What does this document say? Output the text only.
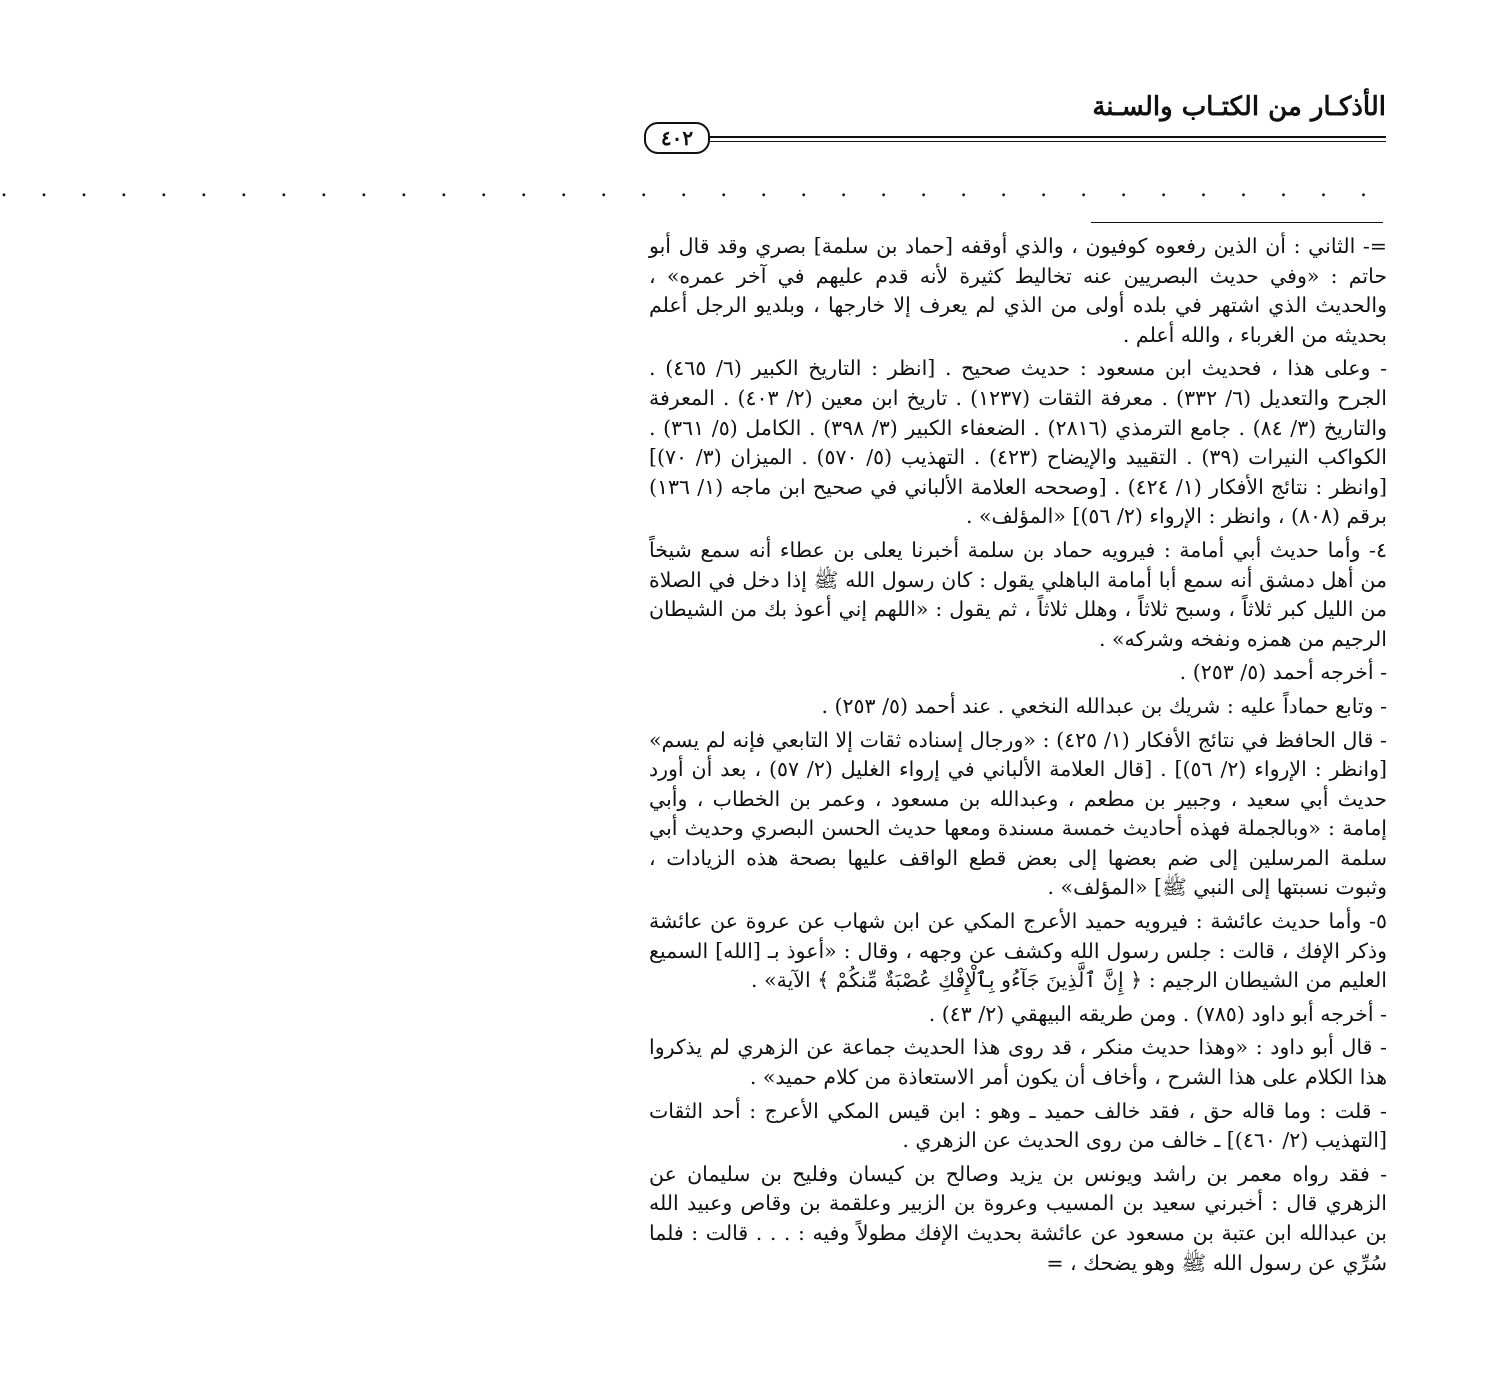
الأذكـار من الكتـاب والسـنة
٤٠٢
. . . . . . . . . . . . . . . . . . . . . . . . . . . . . . . . . . .

=- الثاني : أن الذين رفعوه كوفيون ، والذي أوقفه [حماد بن سلمة] بصري وقد قال أبو حاتم : «وفي حديث البصريين عنه تخاليط كثيرة لأنه قدم عليهم في آخر عمره» ، والحديث الذي اشتهر في بلده أولى من الذي لم يعرف إلا خارجها ، وبلديو الرجل أعلم بحديثه من الغرباء ، والله أعلم .

- وعلى هذا ، فحديث ابن مسعود : حديث صحيح . [انظر : التاريخ الكبير (٦/ ٤٦٥) . الجرح والتعديل (٦/ ٣٣٢) . معرفة الثقات (١٢٣٧) . تاريخ ابن معين (٢/ ٤٠٣) . المعرفة والتاريخ (٣/ ٨٤) . جامع الترمذي (٢٨١٦) . الضعفاء الكبير (٣/ ٣٩٨) . الكامل (٥/ ٣٦١) . الكواكب النيرات (٣٩) . التقييد والإيضاح (٤٢٣) . التهذيب (٥/ ٥٧٠) . الميزان (٣/ ٧٠)] [وانظر : نتائج الأفكار (١/ ٤٢٤) . [وصححه العلامة الألباني في صحيح ابن ماجه (١/ ١٣٦) برقم (٨٠٨) ، وانظر : الإرواء (٢/ ٥٦)] «المؤلف» .

٤- وأما حديث أبي أمامة : فيرويه حماد بن سلمة أخبرنا يعلى بن عطاء أنه سمع شيخاً من أهل دمشق أنه سمع أبا أمامة الباهلي يقول : كان رسول الله ﷺ إذا دخل في الصلاة من الليل كبر ثلاثاً ، وسبح ثلاثاً ، وهلل ثلاثاً ، ثم يقول : «اللهم إني أعوذ بك من الشيطان الرجيم من همزه ونفخه وشركه» .

- أخرجه أحمد (٥/ ٢٥٣) .

- وتابع حماداً عليه : شريك بن عبدالله النخعي . عند أحمد (٥/ ٢٥٣) .

- قال الحافظ في نتائج الأفكار (١/ ٤٢٥) : «ورجال إسناده ثقات إلا التابعي فإنه لم يسم» [وانظر : الإرواء (٢/ ٥٦)] . [قال العلامة الألباني في إرواء الغليل (٢/ ٥٧) ، بعد أن أورد حديث أبي سعيد ، وجبير بن مطعم ، وعبدالله بن مسعود ، وعمر بن الخطاب ، وأبي إمامة : «وبالجملة فهذه أحاديث خمسة مسندة ومعها حديث الحسن البصري وحديث أبي سلمة المرسلين إلى ضم بعضها إلى بعض قطع الواقف عليها بصحة هذه الزيادات ، وثبوت نسبتها إلى النبي ﷺ] «المؤلف» .

٥- وأما حديث عائشة : فيرويه حميد الأعرج المكي عن ابن شهاب عن عروة عن عائشة وذكر الإفك ، قالت : جلس رسول الله وكشف عن وجهه ، وقال : «أعوذ بـ [الله] السميع العليم من الشيطان الرجيم : ﴿ إِنَّ ٱلَّذِينَ جَآءُو بِٱلْإِفْكِ عُصْبَةٌ مِّنكُمْ ﴾ الآية» .

- أخرجه أبو داود (٧٨٥) . ومن طريقه البيهقي (٢/ ٤٣) .

- قال أبو داود : «وهذا حديث منكر ، قد روى هذا الحديث جماعة عن الزهري لم يذكروا هذا الكلام على هذا الشرح ، وأخاف أن يكون أمر الاستعاذة من كلام حميد» .

- قلت : وما قاله حق ، فقد خالف حميد ـ وهو : ابن قيس المكي الأعرج : أحد الثقات [التهذيب (٢/ ٤٦٠)] ـ خالف من روى الحديث عن الزهري .

- فقد رواه معمر بن راشد ويونس بن يزيد وصالح بن كيسان وفليح بن سليمان عن الزهري قال : أخبرني سعيد بن المسيب وعروة بن الزبير وعلقمة بن وقاص وعبيد الله بن عبدالله ابن عتبة بن مسعود عن عائشة بحديث الإفك مطولاً وفيه : . . . قالت : فلما سُرِّي عن رسول الله ﷺ وهو يضحك ، =
